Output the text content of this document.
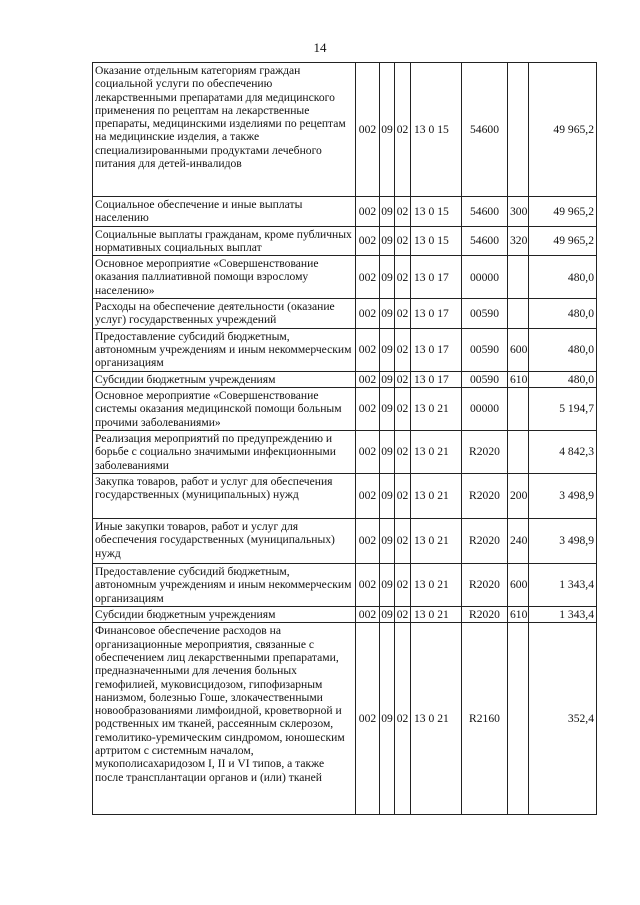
14
Оказание отдельным категориям граждан социальной услуги по обеспечению лекарственными препаратами для медицинского применения по рецептам на лекарственные препараты, медицинскими изделиями по рецептам на медицинские изделия, а также специализированными продуктами лечебного питания для детей-инвалидов	002	09	02	13 0 15	54600		49 965,2
Социальное обеспечение и иные выплаты населению	002	09	02	13 0 15	54600	300	49 965,2
Социальные выплаты гражданам, кроме публичных нормативных социальных выплат	002	09	02	13 0 15	54600	320	49 965,2
Основное мероприятие «Совершенствование оказания паллиативной помощи взрослому населению»	002	09	02	13 0 17	00000		480,0
Расходы на обеспечение деятельности (оказание услуг) государственных учреждений	002	09	02	13 0 17	00590		480,0
Предоставление субсидий бюджетным, автономным учреждениям и иным некоммерческим организациям	002	09	02	13 0 17	00590	600	480,0
Субсидии бюджетным учреждениям	002	09	02	13 0 17	00590	610	480,0
Основное мероприятие «Совершенствование системы оказания медицинской помощи больным прочими заболеваниями»	002	09	02	13 0 21	00000		5 194,7
Реализация мероприятий по предупреждению и борьбе с социально значимыми инфекционными заболеваниями	002	09	02	13 0 21	R2020		4 842,3
Закупка товаров, работ и услуг для обеспечения государственных (муниципальных) нужд	002	09	02	13 0 21	R2020	200	3 498,9
Иные закупки товаров, работ и услуг для обеспечения государственных (муниципальных) нужд	002	09	02	13 0 21	R2020	240	3 498,9
Предоставление субсидий бюджетным, автономным учреждениям и иным некоммерческим организациям	002	09	02	13 0 21	R2020	600	1 343,4
Субсидии бюджетным учреждениям	002	09	02	13 0 21	R2020	610	1 343,4
Финансовое обеспечение расходов на организационные мероприятия, связанные с обеспечением лиц лекарственными препаратами, предназначенными для лечения больных гемофилией, муковисцидозом, гипофизарным нанизмом, болезнью Гоше, злокачественными новообразованиями лимфоидной, кроветворной и родственных им тканей, рассеянным склерозом, гемолитико-уремическим синдромом, юношеским артритом с системным началом, мукополисахаридозом I, II и VI типов, а также после трансплантации органов и (или) тканей	002	09	02	13 0 21	R2160		352,4
